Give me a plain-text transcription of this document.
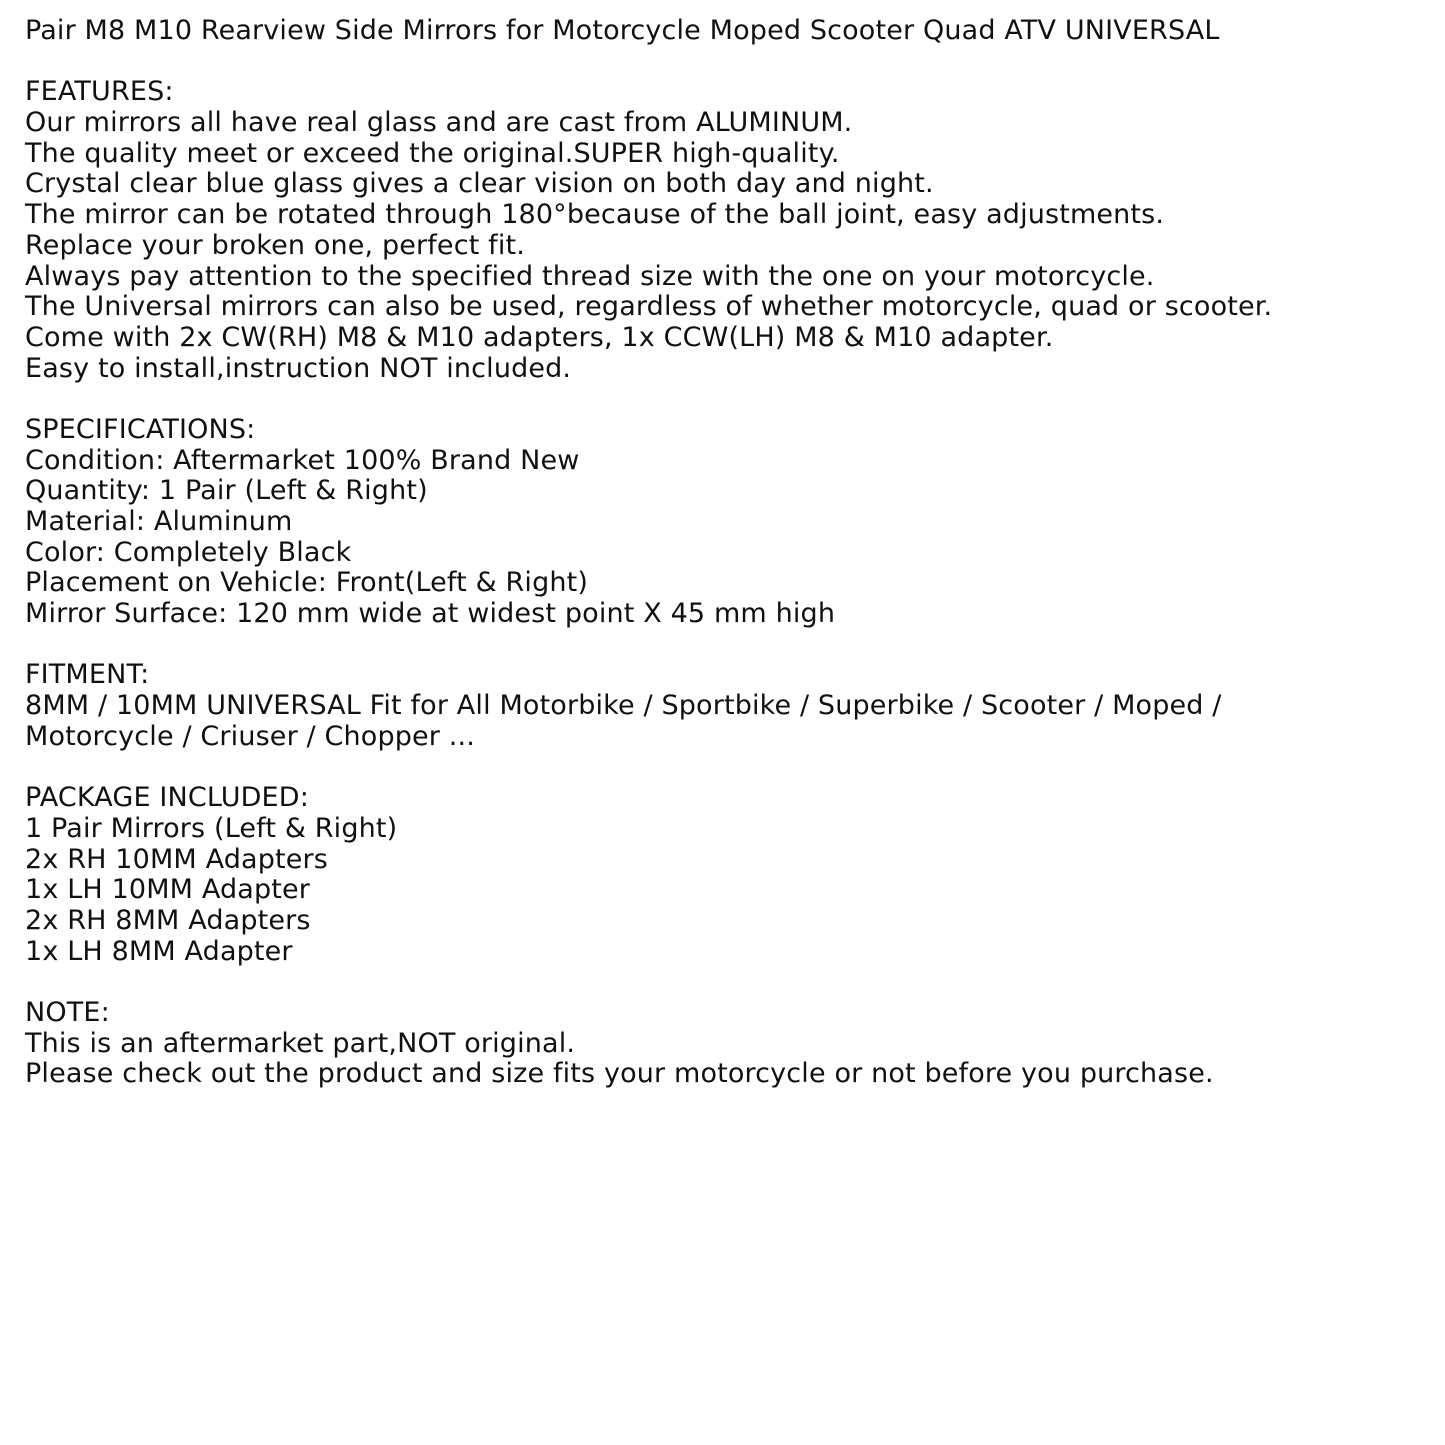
Pair M8 M10 Rearview Side Mirrors for Motorcycle Moped Scooter Quad ATV UNIVERSAL
FEATURES:
Our mirrors all have real glass and are cast from ALUMINUM.
The quality meet or exceed the original.SUPER high-quality.
Crystal clear blue glass gives a clear vision on both day and night.
The mirror can be rotated through 180°because of the ball joint, easy adjustments.
Replace your broken one, perfect fit.
Always pay attention to the specified thread size with the one on your motorcycle.
The Universal mirrors can also be used, regardless of whether motorcycle, quad or scooter.
Come with 2x CW(RH) M8 & M10 adapters, 1x CCW(LH) M8 & M10 adapter.
Easy to install,instruction NOT included.
SPECIFICATIONS:
Condition: Aftermarket 100% Brand New
Quantity: 1 Pair (Left & Right)
Material: Aluminum
Color: Completely Black
Placement on Vehicle: Front(Left & Right)
Mirror Surface: 120 mm wide at widest point X 45 mm high
FITMENT:
8MM / 10MM UNIVERSAL Fit for All Motorbike / Sportbike / Superbike / Scooter / Moped /
Motorcycle / Criuser / Chopper ...
PACKAGE INCLUDED:
1 Pair Mirrors (Left & Right)
2x RH 10MM Adapters
1x LH 10MM Adapter
2x RH 8MM Adapters
1x LH 8MM Adapter
NOTE:
This is an aftermarket part,NOT original.
Please check out the product and size fits your motorcycle or not before you purchase.
